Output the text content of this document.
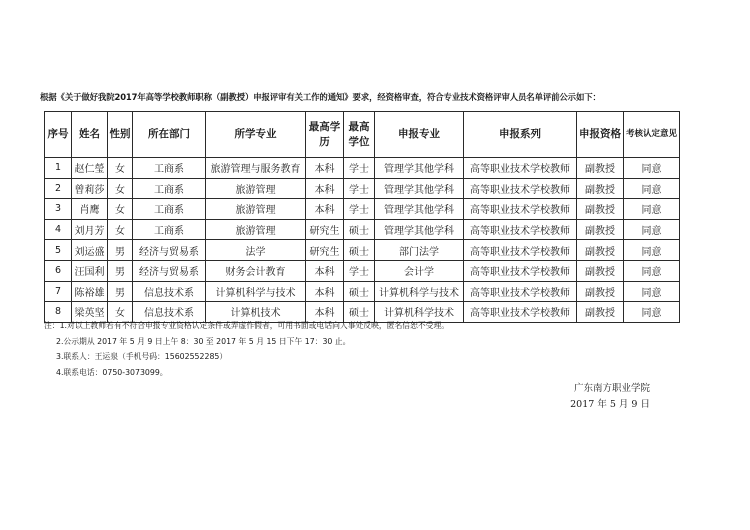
根据《关于做好我院2017年高等学校教师职称（副教授）申报评审有关工作的通知》要求，经资格审查，符合专业技术资格评审人员名单评前公示如下：
序号	姓名	性别	所在部门	所学专业	最高学历	最高学位	申报专业	申报系列	申报资格	考核认定意见
1	赵仁瑩	女	工商系	旅游管理与服务教育	本科	学士	管理学其他学科	高等职业技术学校教师	副教授	同意
2	曾莉莎	女	工商系	旅游管理	本科	学士	管理学其他学科	高等职业技术学校教师	副教授	同意
3	肖鹰	女	工商系	旅游管理	本科	学士	管理学其他学科	高等职业技术学校教师	副教授	同意
4	刘月芳	女	工商系	旅游管理	研究生	硕士	管理学其他学科	高等职业技术学校教师	副教授	同意
5	刘运盛	男	经济与贸易系	法学	研究生	硕士	部门法学	高等职业技术学校教师	副教授	同意
6	汪国利	男	经济与贸易系	财务会计教育	本科	学士	会计学	高等职业技术学校教师	副教授	同意
7	陈裕雄	男	信息技术系	计算机科学与技术	本科	硕士	计算机科学与技术	高等职业技术学校教师	副教授	同意
8	梁英坚	女	信息技术系	计算机技术	本科	硕士	计算机科学技术	高等职业技术学校教师	副教授	同意
注：1.对以上教师若有不符合申报专业资格认定条件或弄虚作假者，可用书面或电话向人事处反映，匿名信恕不受理。
2.公示期从 2017 年 5 月 9 日上午 8：30 至 2017 年 5 月 15 日下午 17：30 止。
3.联系人：王运泉（手机号码：15602552285）
4.联系电话：0750-3073099。
广东南方职业学院
2017 年 5 月 9 日
